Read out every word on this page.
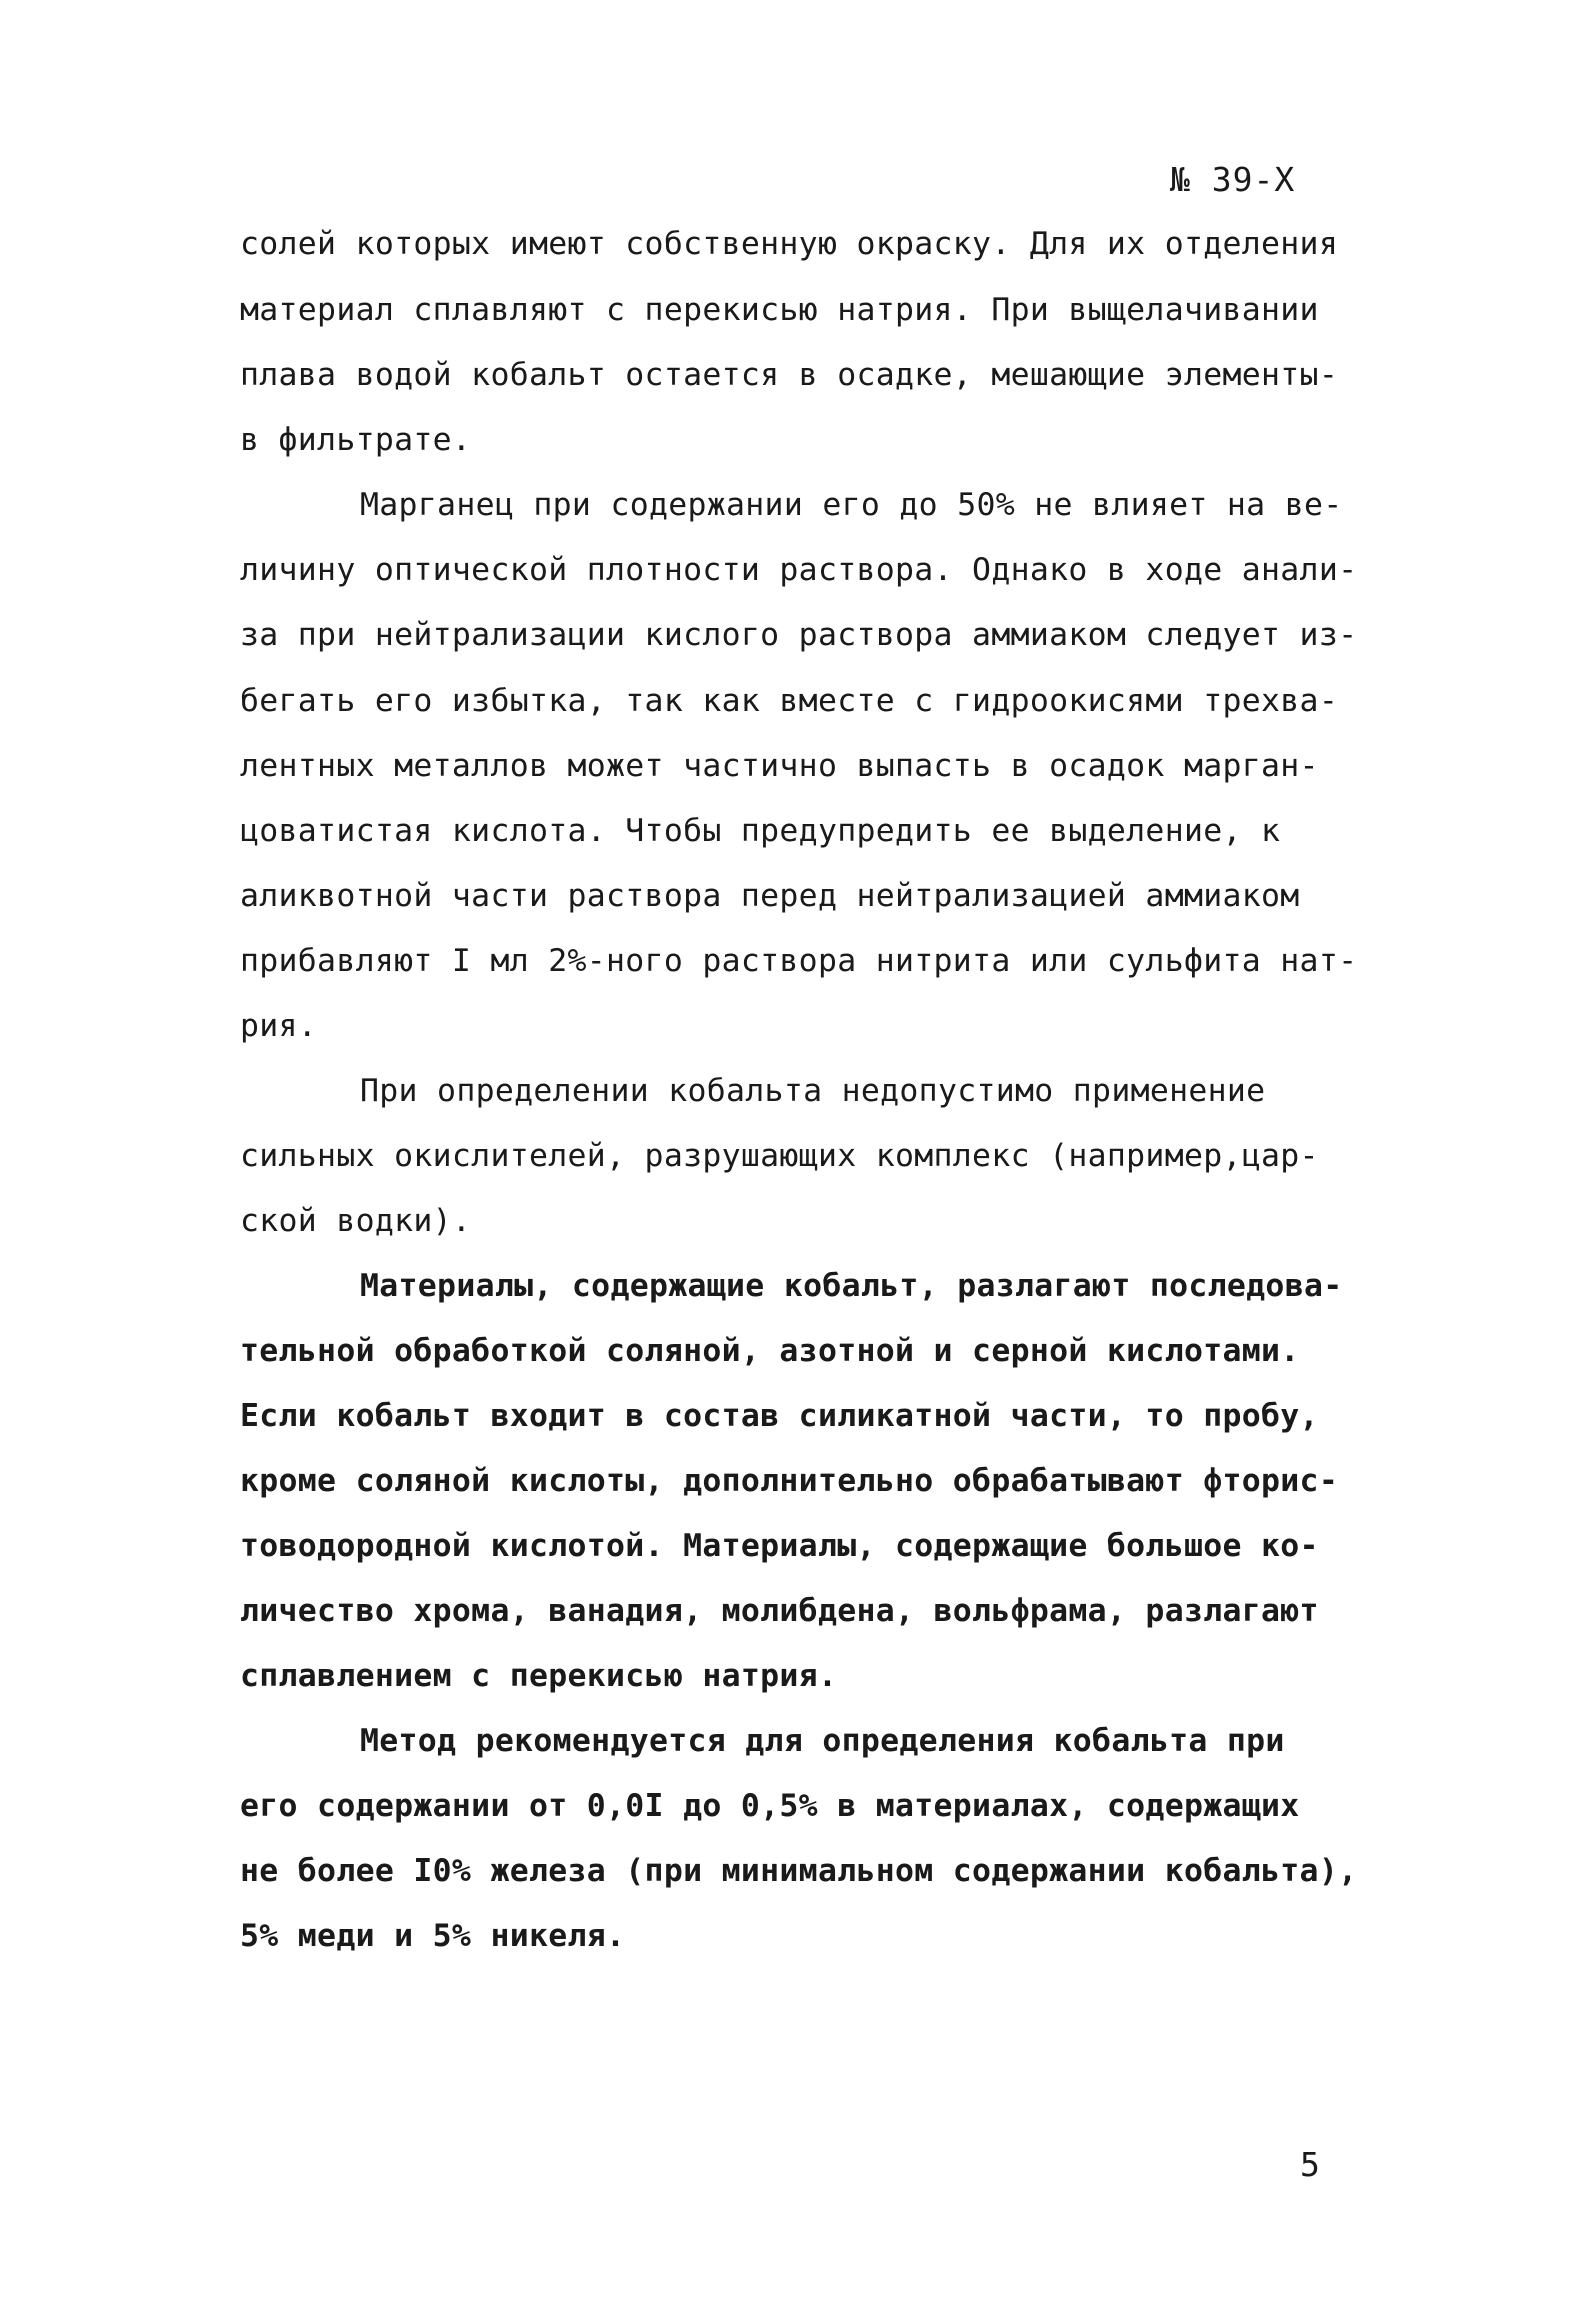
№ 39-Х
солей которых имеют собственную окраску. Для их отделения
материал сплавляют с перекисью натрия. При выщелачивании
плава водой кобальт остается в осадке, мешающие элементы-
в фильтрате.
Марганец при содержании его до 50% не влияет на ве-
личину оптической плотности раствора. Однако в ходе анали-
за при нейтрализации кислого раствора аммиаком следует из-
бегать его избытка, так как вместе с гидроокисями трехва-
лентных металлов может частично выпасть в осадок марган-
цоватистая кислота. Чтобы предупредить ее выделение, к
аликвотной части раствора перед нейтрализацией аммиаком
прибавляют I мл 2%-ного раствора нитрита или сульфита нат-
рия.
При определении кобальта недопустимо применение
сильных окислителей, разрушающих комплекс (например,цар-
ской водки).
Материалы, содержащие кобальт, разлагают последова-
тельной обработкой соляной, азотной и серной кислотами.
Если кобальт входит в состав силикатной части, то пробу,
кроме соляной кислоты, дополнительно обрабатывают фторис-
товодородной кислотой. Материалы, содержащие большое ко-
личество хрома, ванадия, молибдена, вольфрама, разлагают
сплавлением с перекисью натрия.
Метод рекомендуется для определения кобальта при
его содержании от 0,0I до 0,5% в материалах, содержащих
не более I0% железа (при минимальном содержании кобальта),
5% меди и 5% никеля.
5
